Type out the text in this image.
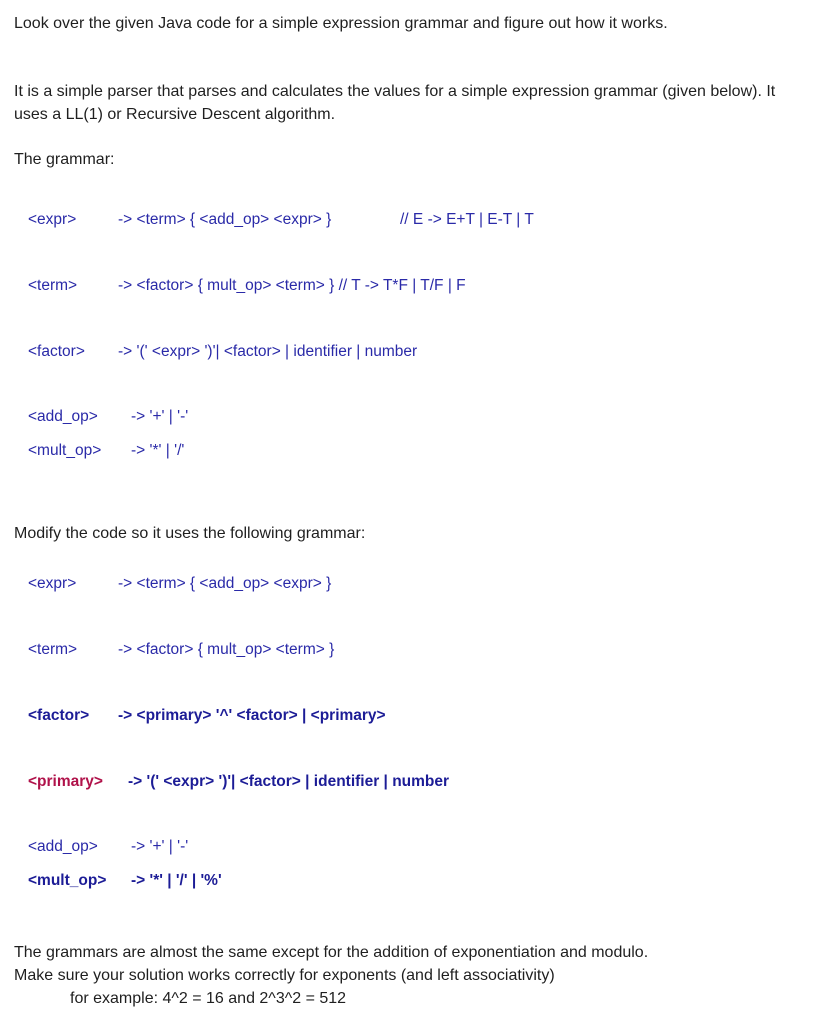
Look over the given Java code for a simple expression grammar and figure out how it works.

It is a simple parser that parses and calculates the values for a simple expression grammar (given below). It

uses a LL(1) or Recursive Descent algorithm.

The grammar:

<expr>	-> <term> { <add_op> <expr> }	// E -> E+T | E-T | T
<term>	-> <factor> { mult_op> <term> } // T -> T*F | T/F | F
<factor> -> '(' <expr> ')'| <factor> | identifier | number
<add_op> -> '+' | '-'
<mult_op> -> '*' | '/'

Modify the code so it uses the following grammar:

<expr>	-> <term> { <add_op> <expr> }
<term>	-> <factor> { mult_op> <term> }
<factor> -> <primary> '^' <factor> | <primary>
<primary> -> '(' <expr> ')'| <factor> | identifier | number
<add_op> -> '+' | '-'
<mult_op> -> '*' | '/' | '%'

The grammars are almost the same except for the addition of exponentiation and modulo.

Make sure your solution works correctly for exponents (and left associativity)

for example: 4^2 = 16 and 2^3^2 = 512
